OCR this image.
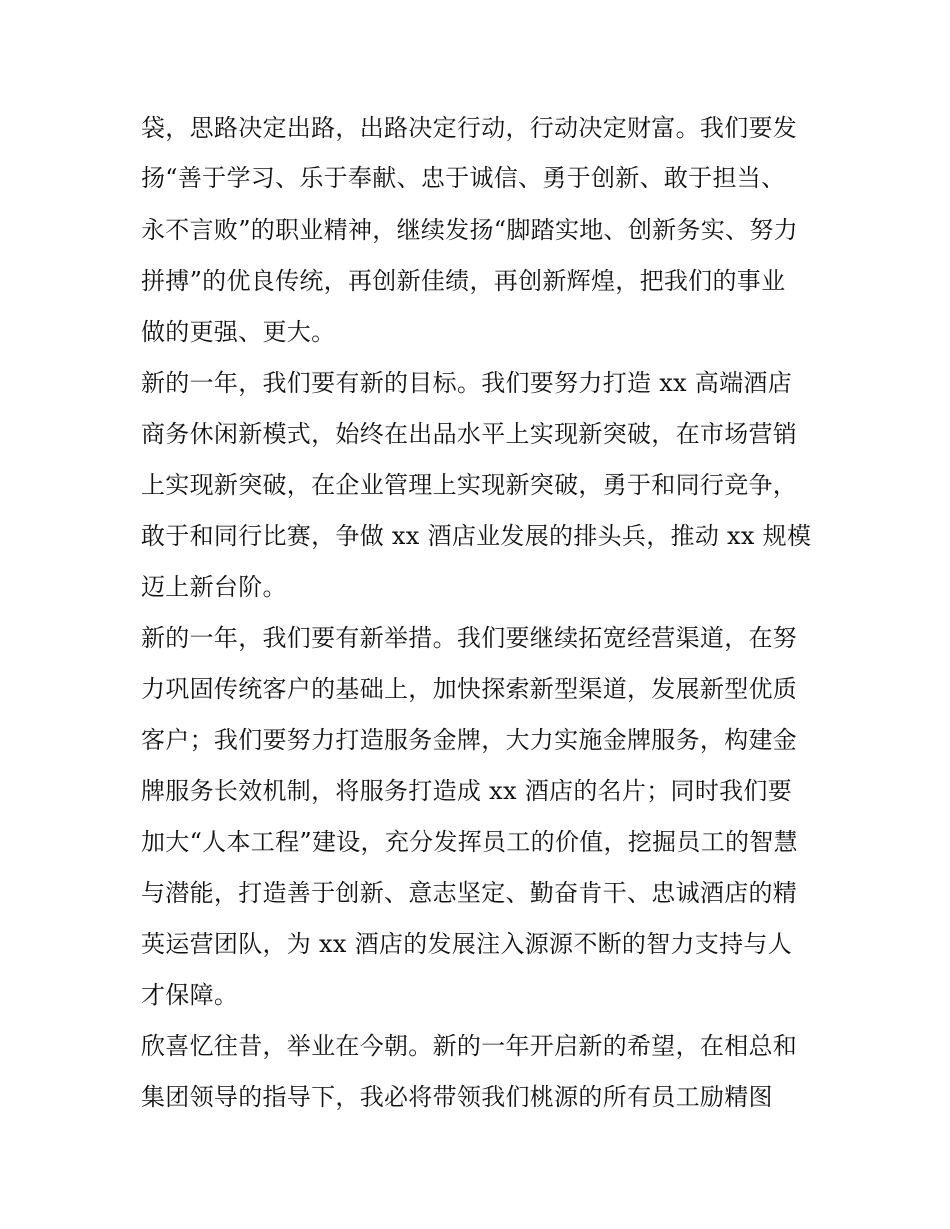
袋，思路决定出路，出路决定行动，行动决定财富。我们要发
扬“善于学习、乐于奉献、忠于诚信、勇于创新、敢于担当、
永不言败”的职业精神，继续发扬“脚踏实地、创新务实、努力
拼搏”的优良传统，再创新佳绩，再创新辉煌，把我们的事业
做的更强、更大。
新的一年，我们要有新的目标。我们要努力打造 xx 高端酒店
商务休闲新模式，始终在出品水平上实现新突破，在市场营销
上实现新突破，在企业管理上实现新突破，勇于和同行竞争，
敢于和同行比赛，争做 xx 酒店业发展的排头兵，推动 xx 规模
迈上新台阶。
新的一年，我们要有新举措。我们要继续拓宽经营渠道，在努
力巩固传统客户的基础上，加快探索新型渠道，发展新型优质
客户；我们要努力打造服务金牌，大力实施金牌服务，构建金
牌服务长效机制，将服务打造成 xx 酒店的名片；同时我们要
加大“人本工程”建设，充分发挥员工的价值，挖掘员工的智慧
与潜能，打造善于创新、意志坚定、勤奋肯干、忠诚酒店的精
英运营团队，为 xx 酒店的发展注入源源不断的智力支持与人
才保障。
欣喜忆往昔，举业在今朝。新的一年开启新的希望，在相总和
集团领导的指导下，我必将带领我们桃源的所有员工励精图
